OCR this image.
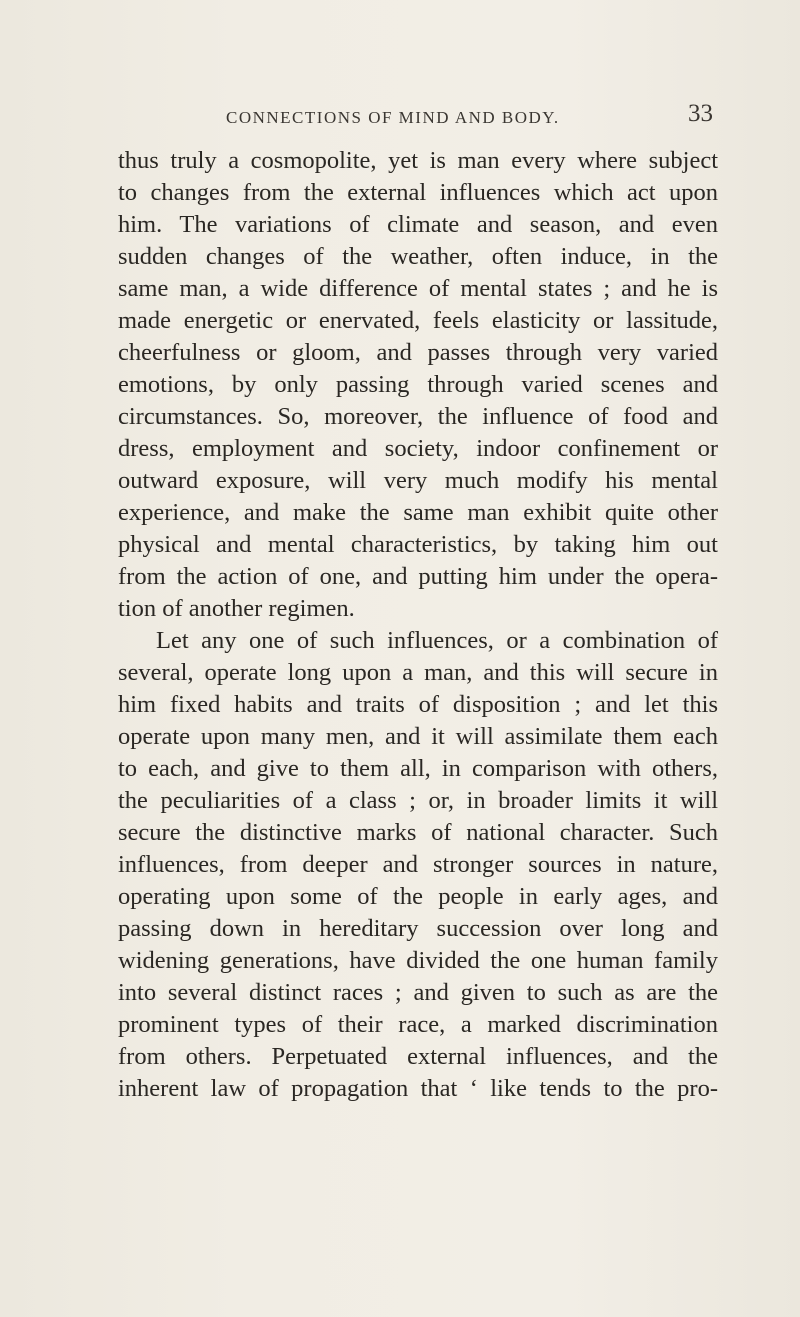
CONNECTIONS OF MIND AND BODY.	33
thus truly a cosmopolite, yet is man every where subject
to changes from the external influences which act upon
him. The variations of climate and season, and even
sudden changes of the weather, often induce, in the
same man, a wide difference of mental states ; and he is
made energetic or enervated, feels elasticity or lassitude,
cheerfulness or gloom, and passes through very varied
emotions, by only passing through varied scenes and
circumstances. So, moreover, the influence of food and
dress, employment and society, indoor confinement or
outward exposure, will very much modify his mental
experience, and make the same man exhibit quite other
physical and mental characteristics, by taking him out
from the action of one, and putting him under the opera-
tion of another regimen.
Let any one of such influences, or a combination of
several, operate long upon a man, and this will secure in
him fixed habits and traits of disposition ; and let this
operate upon many men, and it will assimilate them each
to each, and give to them all, in comparison with others,
the peculiarities of a class ; or, in broader limits it will
secure the distinctive marks of national character. Such
influences, from deeper and stronger sources in nature,
operating upon some of the people in early ages, and
passing down in hereditary succession over long and
widening generations, have divided the one human family
into several distinct races ; and given to such as are the
prominent types of their race, a marked discrimination
from others. Perpetuated external influences, and the
inherent law of propagation that ‘ like tends to the pro-
